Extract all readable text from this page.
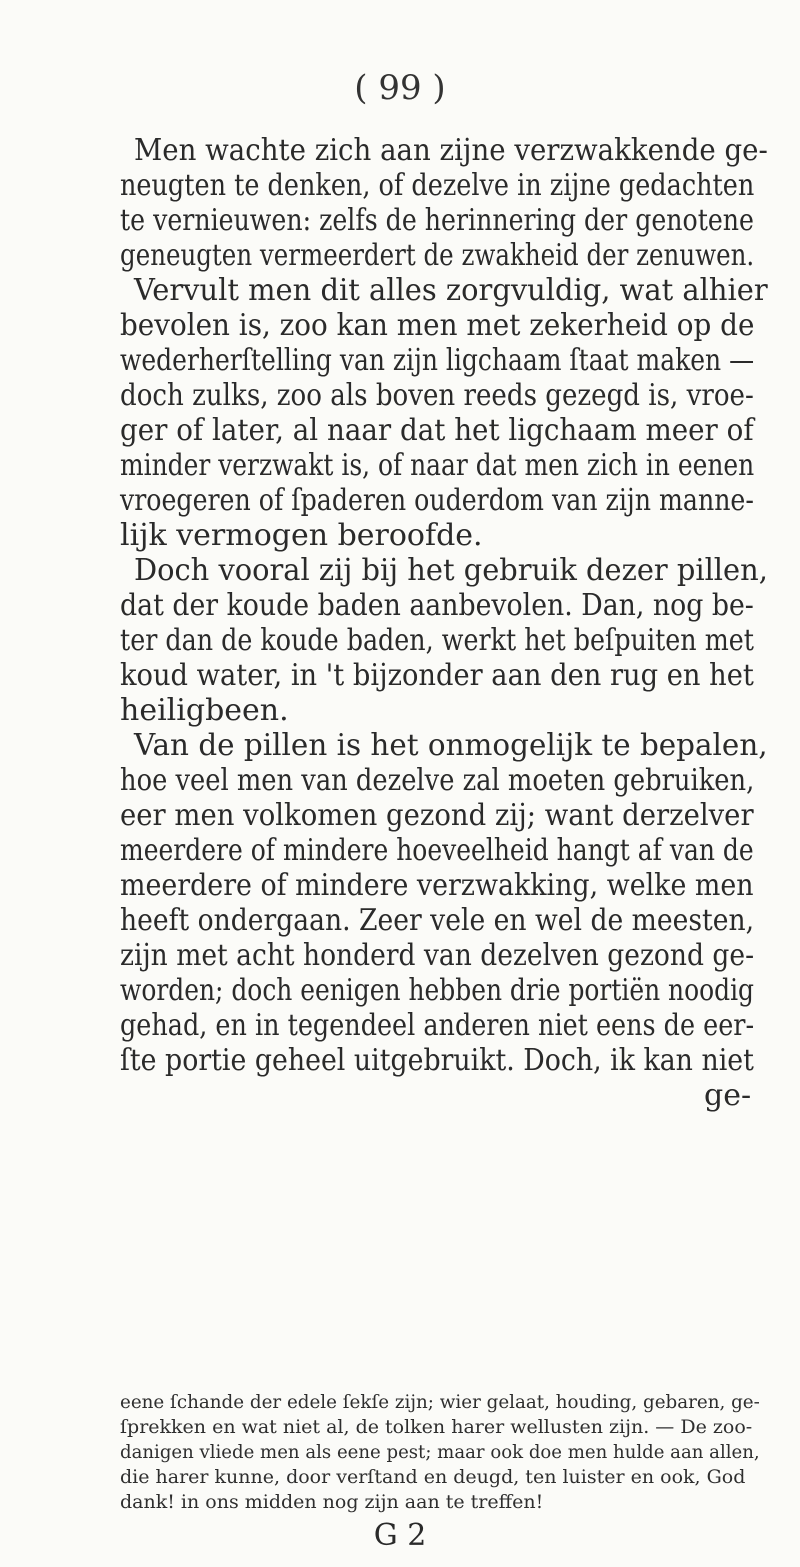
( 99 )
Men wachte zich aan zijne verzwakkende ge-
neugten te denken, of dezelve in zijne gedachten
te vernieuwen: zelfs de herinnering der genotene
geneugten vermeerdert de zwakheid der zenuwen.
Vervult men dit alles zorgvuldig, wat alhier
bevolen is, zoo kan men met zekerheid op de
wederherſtelling van zijn ligchaam ſtaat maken —
doch zulks, zoo als boven reeds gezegd is, vroe-
ger of later, al naar dat het ligchaam meer of
minder verzwakt is, of naar dat men zich in eenen
vroegeren of ſpaderen ouderdom van zijn manne-
lijk vermogen beroofde.
Doch vooral zij bij het gebruik dezer pillen,
dat der koude baden aanbevolen. Dan, nog be-
ter dan de koude baden, werkt het beſpuiten met
koud water, in 't bijzonder aan den rug en het
heiligbeen.
Van de pillen is het onmogelijk te bepalen,
hoe veel men van dezelve zal moeten gebruiken,
eer men volkomen gezond zij; want derzelver
meerdere of mindere hoeveelheid hangt af van de
meerdere of mindere verzwakking, welke men
heeft ondergaan. Zeer vele en wel de meesten,
zijn met acht honderd van dezelven gezond ge-
worden; doch eenigen hebben drie portiën noodig
gehad, en in tegendeel anderen niet eens de eer-
ſte portie geheel uitgebruikt. Doch, ik kan niet
ge-
eene ſchande der edele ſekſe zijn; wier gelaat, houding, gebaren, ge-
ſprekken en wat niet al, de tolken harer wellusten zijn. — De zoo-
danigen vliede men als eene pest; maar ook doe men hulde aan allen,
die harer kunne, door verſtand en deugd, ten luister en ook, God
dank! in ons midden nog zijn aan te treffen!
G 2
